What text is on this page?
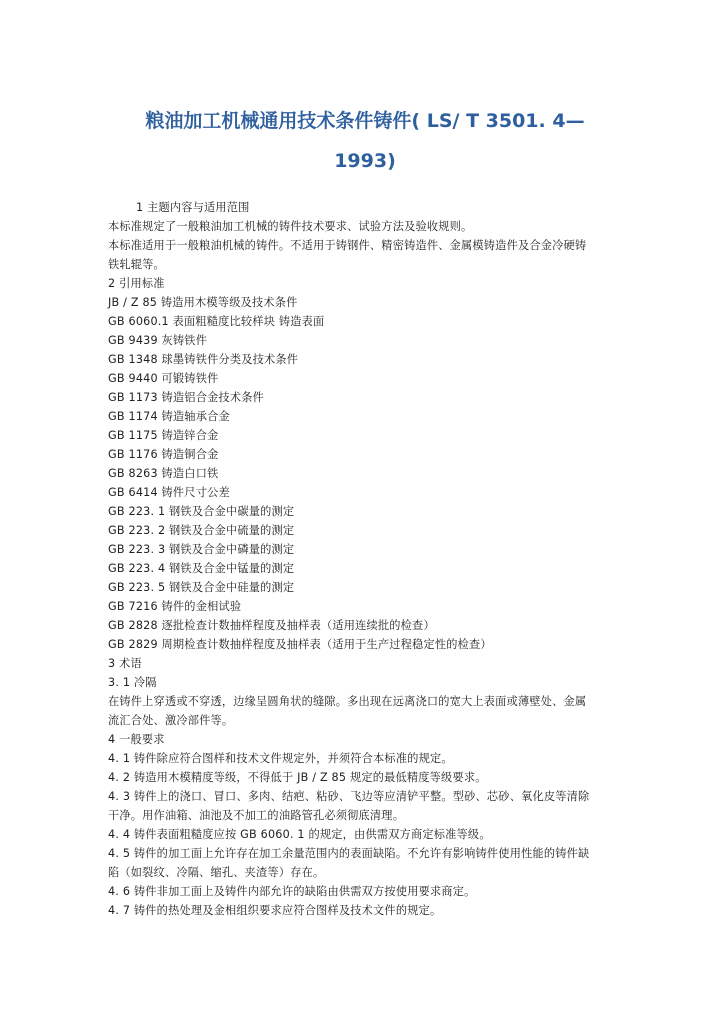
粮油加工机械通用技术条件铸件( LS/ T 3501. 4—
1993)
1 主题内容与适用范围
本标准规定了一般粮油加工机械的铸件技术要求、试验方法及验收规则。
本标准适用于一般粮油机械的铸件。不适用于铸钢件、精密铸造件、金属模铸造件及合金冷硬铸
铁轧辊等。
2 引用标准
JB / Z 85 铸造用木模等级及技术条件
GB 6060.1 表面粗糙度比较样块 铸造表面
GB 9439 灰铸铁件
GB 1348 球墨铸铁件分类及技术条件
GB 9440 可锻铸铁件
GB 1173 铸造铝合金技术条件
GB 1174 铸造轴承合金
GB 1175 铸造锌合金
GB 1176 铸造铜合金
GB 8263 铸造白口铁
GB 6414 铸件尺寸公差
GB 223. 1 钢铁及合金中碳量的测定
GB 223. 2 钢铁及合金中硫量的测定
GB 223. 3 钢铁及合金中磷量的测定
GB 223. 4 钢铁及合金中锰量的测定
GB 223. 5 钢铁及合金中硅量的测定
GB 7216 铸件的金相试验
GB 2828 逐批检查计数抽样程度及抽样表（适用连续批的检查）
GB 2829 周期检查计数抽样程度及抽样表（适用于生产过程稳定性的检查）
3 术语
3. 1 冷隔
在铸件上穿透或不穿透，边缘呈圆角状的缝隙。多出现在远离浇口的宽大上表面或薄壁处、金属
流汇合处、激冷部件等。
4 一般要求
4. 1 铸件除应符合图样和技术文件规定外，并须符合本标准的规定。
4. 2 铸造用木模精度等级，不得低于 JB / Z 85 规定的最低精度等级要求。
4. 3 铸件上的浇口、冒口、多肉、结疤、粘砂、飞边等应清铲平整。型砂、芯砂、氧化皮等清除
干净。用作油箱、油池及不加工的油路管孔必须彻底清理。
4. 4 铸件表面粗糙度应按 GB 6060. 1 的规定，由供需双方商定标准等级。
4. 5 铸件的加工面上允许存在加工余量范围内的表面缺陷。不允许有影响铸件使用性能的铸件缺
陷（如裂纹、冷隔、缩孔、夹渣等）存在。
4. 6 铸件非加工面上及铸件内部允许的缺陷由供需双方按使用要求商定。
4. 7 铸件的热处理及金相组织要求应符合图样及技术文件的规定。
